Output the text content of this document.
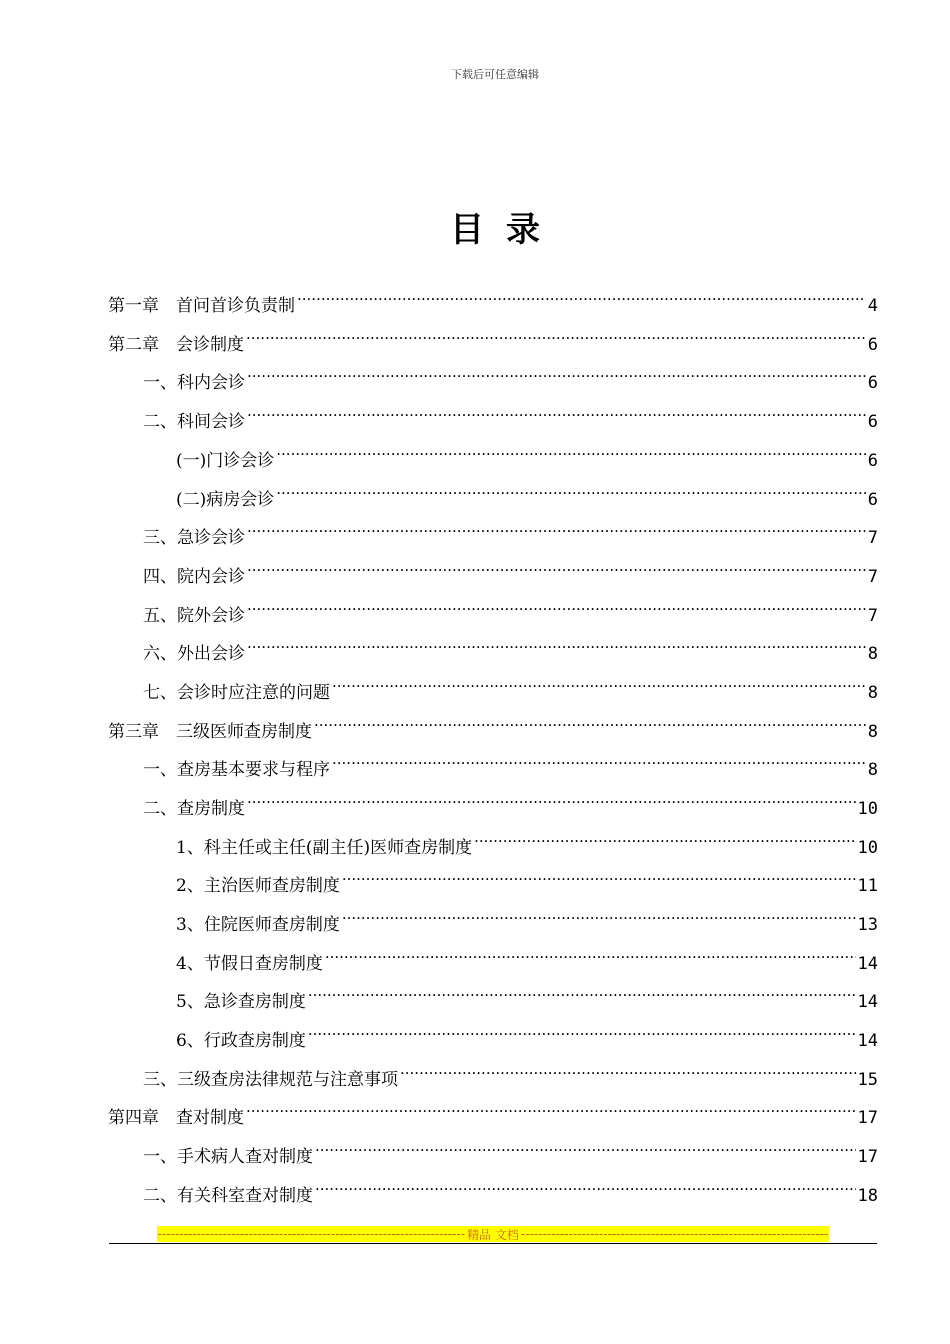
下载后可任意编辑
目录
第一章　首问首诊负责制 .....	4
第二章　会诊制度 .....	6
一、科内会诊 .....	6
二、科间会诊 .....	6
(一)门诊会诊 .....	6
(二)病房会诊 .....	6
三、急诊会诊 .....	7
四、院内会诊 .....	7
五、院外会诊 .....	7
六、外出会诊 .....	8
七、会诊时应注意的问题 .....	8
第三章　三级医师查房制度 .....	8
一、查房基本要求与程序 .....	8
二、查房制度 .....	10
1、科主任或主任(副主任)医师查房制度 .....	10
2、主治医师查房制度 .....	11
3、住院医师查房制度 .....	13
4、节假日查房制度 .....	14
5、急诊查房制度 .....	14
6、行政查房制度 .....	14
三、三级查房法律规范与注意事项 .....	15
第四章　查对制度 .....	17
一、手术病人查对制度 .....	17
二、有关科室查对制度 .....	18
-----
精品 文档
-----
